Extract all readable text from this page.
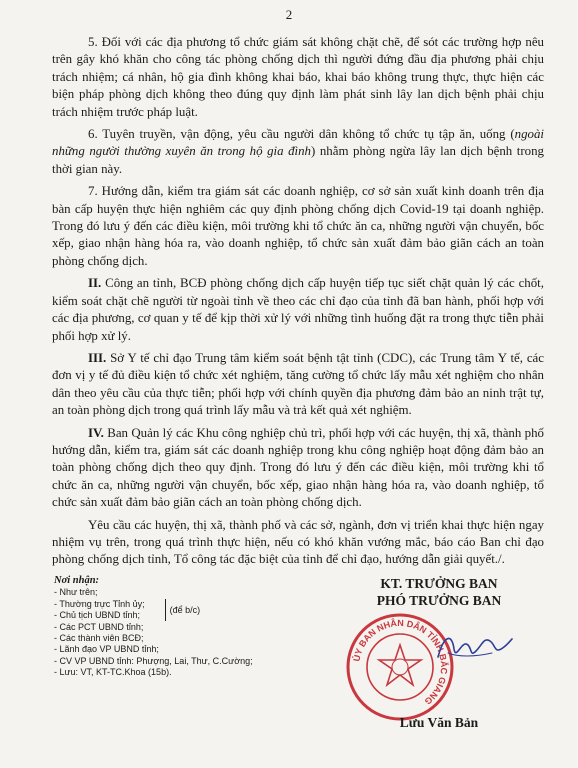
2

5. Đối với các địa phương tổ chức giám sát không chặt chẽ, để sót các trường hợp nêu trên gây khó khăn cho công tác phòng chống dịch thì người đứng đầu địa phương phải chịu trách nhiệm; cá nhân, hộ gia đình không khai báo, khai báo không trung thực, thực hiện các biện pháp phòng dịch không theo đúng quy định làm phát sinh lây lan dịch bệnh phải chịu trách nhiệm trước pháp luật.

6. Tuyên truyền, vận động, yêu cầu người dân không tổ chức tụ tập ăn, uống (ngoài những người thường xuyên ăn trong hộ gia đình) nhằm phòng ngừa lây lan dịch bệnh trong thời gian này.

7. Hướng dẫn, kiểm tra giám sát các doanh nghiệp, cơ sở sản xuất kinh doanh trên địa bàn cấp huyện thực hiện nghiêm các quy định phòng chống dịch Covid-19 tại doanh nghiệp. Trong đó lưu ý đến các điều kiện, môi trường khi tổ chức ăn ca, những người vận chuyển, bốc xếp, giao nhận hàng hóa ra, vào doanh nghiệp, tổ chức sản xuất đảm bảo giãn cách an toàn phòng chống dịch.

II. Công an tỉnh, BCĐ phòng chống dịch cấp huyện tiếp tục siết chặt quản lý các chốt, kiểm soát chặt chẽ người từ ngoài tỉnh về theo các chỉ đạo của tỉnh đã ban hành, phối hợp với các địa phương, cơ quan y tế để kịp thời xử lý với những tình huống đặt ra trong thực tiễn phải phối hợp xử lý.

III. Sở Y tế chỉ đạo Trung tâm kiểm soát bệnh tật tỉnh (CDC), các Trung tâm Y tế, các đơn vị y tế đủ điều kiện tổ chức xét nghiệm, tăng cường tổ chức lấy mẫu xét nghiệm cho nhân dân theo yêu cầu của thực tiễn; phối hợp với chính quyền địa phương đảm bảo an ninh trật tự, an toàn phòng dịch trong quá trình lấy mẫu và trả kết quả xét nghiệm.

IV. Ban Quản lý các Khu công nghiệp chủ trì, phối hợp với các huyện, thị xã, thành phố hướng dẫn, kiểm tra, giám sát các doanh nghiệp trong khu công nghiệp hoạt động đảm bảo an toàn phòng chống dịch theo quy định. Trong đó lưu ý đến các điều kiện, môi trường khi tổ chức ăn ca, những người vận chuyển, bốc xếp, giao nhận hàng hóa ra, vào doanh nghiệp, tổ chức sản xuất đảm bảo giãn cách an toàn phòng chống dịch.

Yêu cầu các huyện, thị xã, thành phố và các sở, ngành, đơn vị triển khai thực hiện ngay nhiệm vụ trên, trong quá trình thực hiện, nếu có khó khăn vướng mắc, báo cáo Ban chỉ đạo phòng chống dịch tỉnh, Tổ công tác đặc biệt của tỉnh để chỉ đạo, hướng dẫn giải quyết./.

Nơi nhận:
- Như trên;
- Thường trực Tỉnh ủy;
- Chủ tịch UBND tỉnh;
(để b/c)
- Các PCT UBND tỉnh;
- Các thành viên BCĐ;
- Lãnh đạo VP UBND tỉnh;
- CV VP UBND tỉnh: Phượng, Lai, Thư, C.Cường;
- Lưu: VT, KT-TC.Khoa (15b).
KT. TRƯỞNG BAN
PHÓ TRƯỞNG BAN
ỦY BAN NHÂN DÂN TỈNH BẮC GIANG
Lưu Văn Bản
